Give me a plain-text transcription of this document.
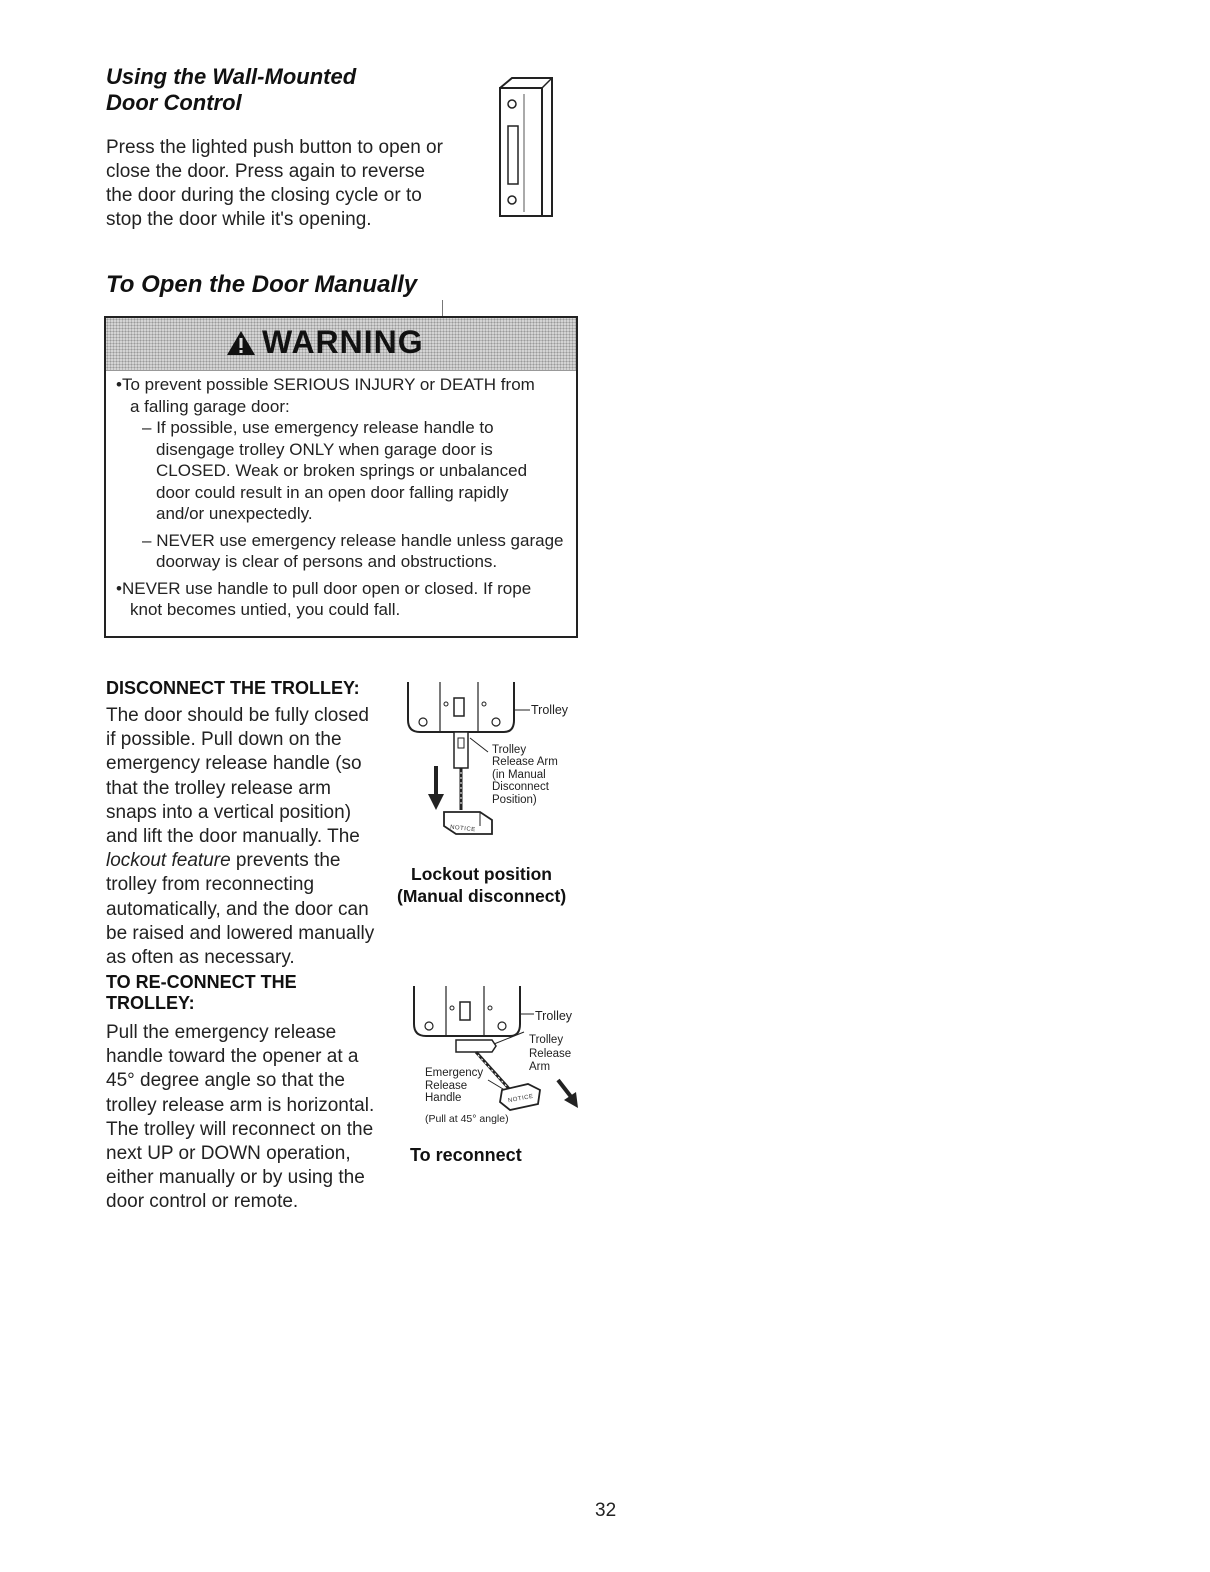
Using the Wall-Mounted
Door Control
Press the lighted push button to open or
close the door. Press again to reverse
the door during the closing cycle or to
stop the door while it's opening.
To Open the Door Manually
WARNING

•To prevent possible SERIOUS INJURY or DEATH from
a falling garage door:

– If possible, use emergency release handle to
disengage trolley ONLY when garage door is
CLOSED. Weak or broken springs or unbalanced
door could result in an open door falling rapidly
and/or unexpectedly.

– NEVER use emergency release handle unless garage
doorway is clear of persons and obstructions.

•NEVER use handle to pull door open or closed. If rope
knot becomes untied, you could fall.

DISCONNECT THE TROLLEY:
The door should be fully closed
if possible. Pull down on the
emergency release handle (so
that the trolley release arm
snaps into a vertical position)
and lift the door manually. The
lockout feature prevents the
trolley from reconnecting
automatically, and the door can
be raised and lowered manually
as often as necessary.
Trolley
Trolley
Release Arm
(in Manual
Disconnect
Position)
NOTICE
Lockout position
(Manual disconnect)
TO RE-CONNECT THE
TROLLEY:
Pull the emergency release
handle toward the opener at a
45° degree angle so that the
trolley release arm is horizontal.
The trolley will reconnect on the
next UP or DOWN operation,
either manually or by using the
door control or remote.
Trolley
Trolley
Release
Arm
Emergency
Release
Handle
(Pull at 45° angle)
NOTICE
To reconnect
32
